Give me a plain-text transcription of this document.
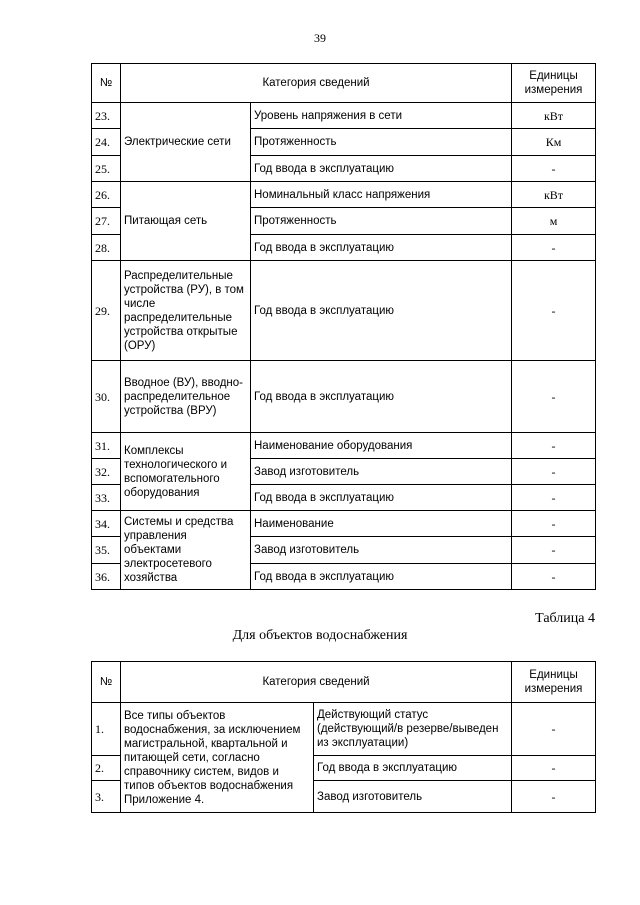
39
№	Категория сведений		Единицы измерения
23.	Электрические сети	Уровень напряжения в сети	кВт
24.		Протяженность	Км
25.		Год ввода в эксплуатацию	-
26.	Питающая сеть	Номинальный класс напряжения	кВт
27.		Протяженность	м
28.		Год ввода в эксплуатацию	-
29.	Распределительные устройства (РУ), в том числе распределительные устройства открытые (ОРУ)	Год ввода в эксплуатацию	-
30.	Вводное (ВУ), вводно-распределительное устройства (ВРУ)	Год ввода в эксплуатацию	-
31.	Комплексы технологического и вспомогательного оборудования	Наименование оборудования	-
32.		Завод изготовитель	-
33.		Год ввода в эксплуатацию	-
34.	Системы и средства управления объектами электросетевого хозяйства	Наименование	-
35.		Завод изготовитель	-
36.		Год ввода в эксплуатацию	-
Таблица 4
Для объектов водоснабжения
№	Категория сведений		Единицы измерения
1.	Все типы объектов водоснабжения, за исключением магистральной, квартальной и питающей сети, согласно справочнику систем, видов и типов объектов водоснабжения Приложение 4.	Действующий статус (действующий/в резерве/выведен из эксплуатации)	-
2.		Год ввода в эксплуатацию	-
3.		Завод изготовитель	-
